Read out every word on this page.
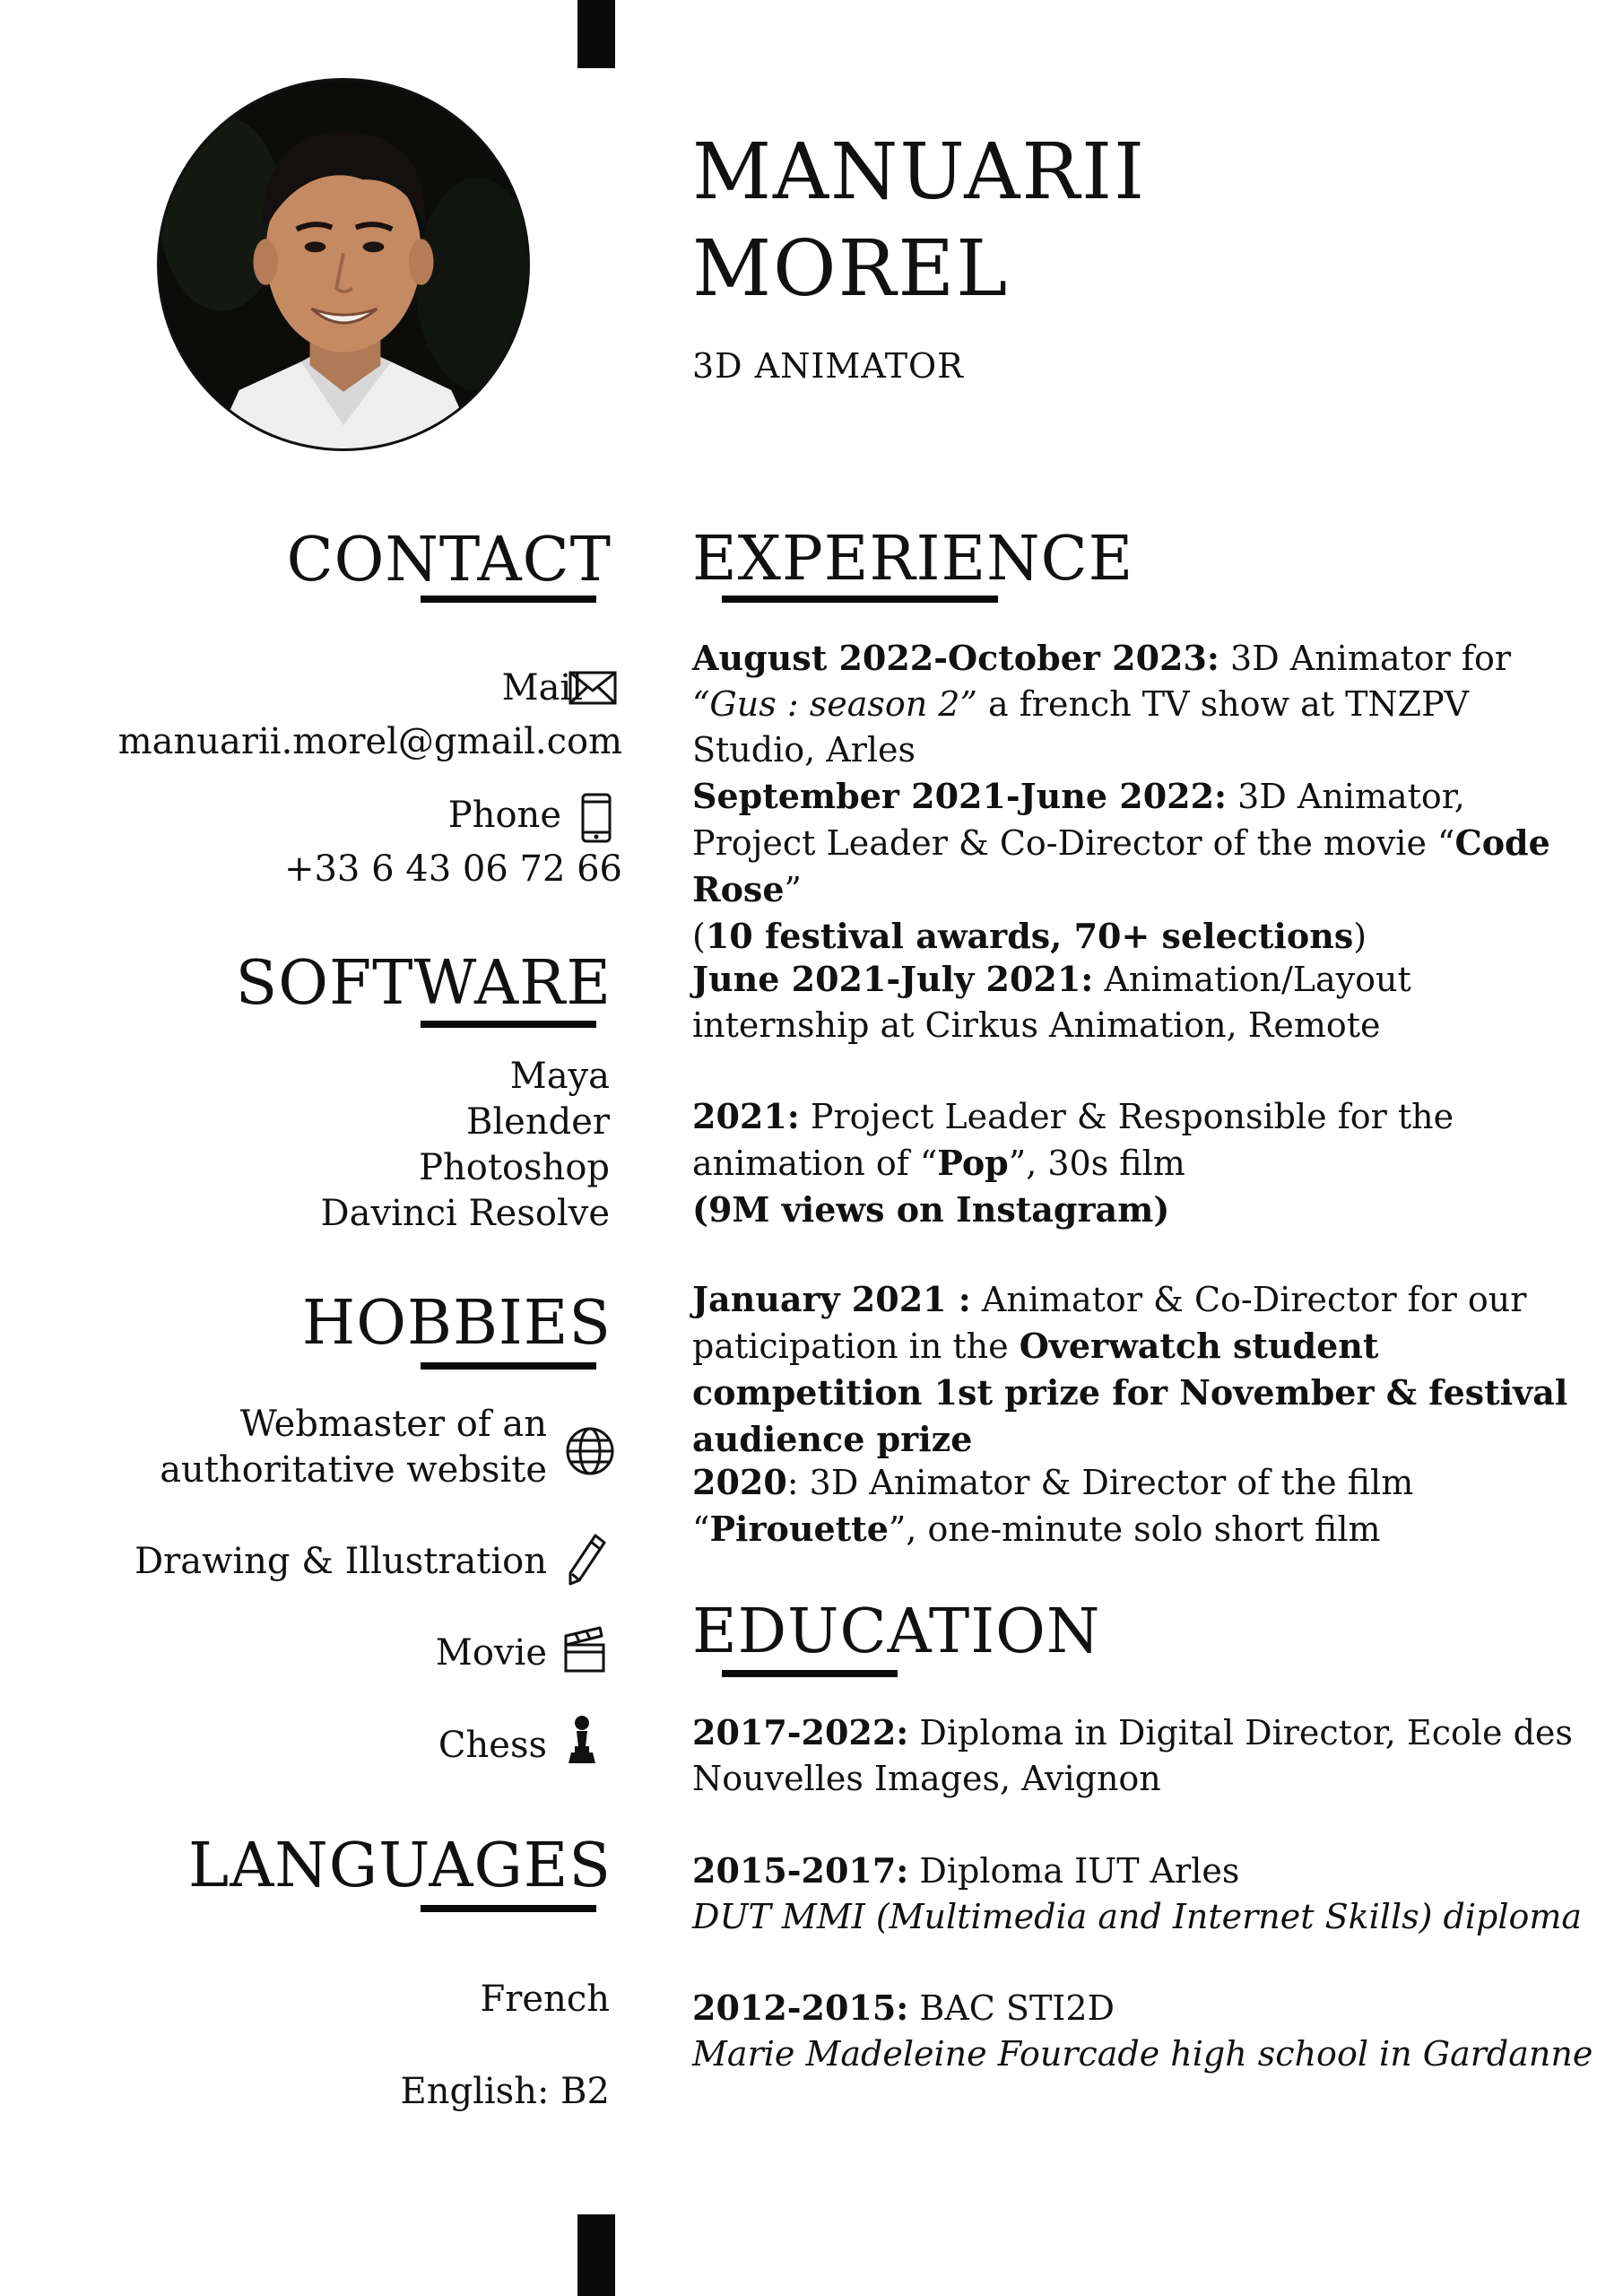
MANUARII
MOREL
3D ANIMATOR
CONTACT
Mail
manuarii.morel@gmail.com
Phone
+33 6 43 06 72 66
SOFTWARE
Maya
Blender
Photoshop
Davinci Resolve
HOBBIES
Webmaster of an
authoritative website
Drawing & Illustration
Movie
Chess
LANGUAGES
French
English: B2
EXPERIENCE
August 2022-October 2023: 3D Animator for “Gus : season 2” a french TV show at TNZPV Studio, Arles
September 2021-June 2022: 3D Animator, Project Leader & Co-Director of the movie “Code Rose”
(10 festival awards, 70+ selections)
June 2021-July 2021: Animation/Layout internship at Cirkus Animation, Remote
2021: Project Leader & Responsible for the animation of “Pop”, 30s film
(9M views on Instagram)
January 2021 : Animator & Co-Director for our paticipation in the Overwatch student competition 1st prize for November & festival audience prize
2020: 3D Animator & Director of the film “Pirouette”, one-minute solo short film
EDUCATION
2017-2022: Diploma in Digital Director, Ecole des Nouvelles Images, Avignon
2015-2017: Diploma IUT Arles
DUT MMI (Multimedia and Internet Skills) diploma
2012-2015: BAC STI2D
Marie Madeleine Fourcade high school in Gardanne
